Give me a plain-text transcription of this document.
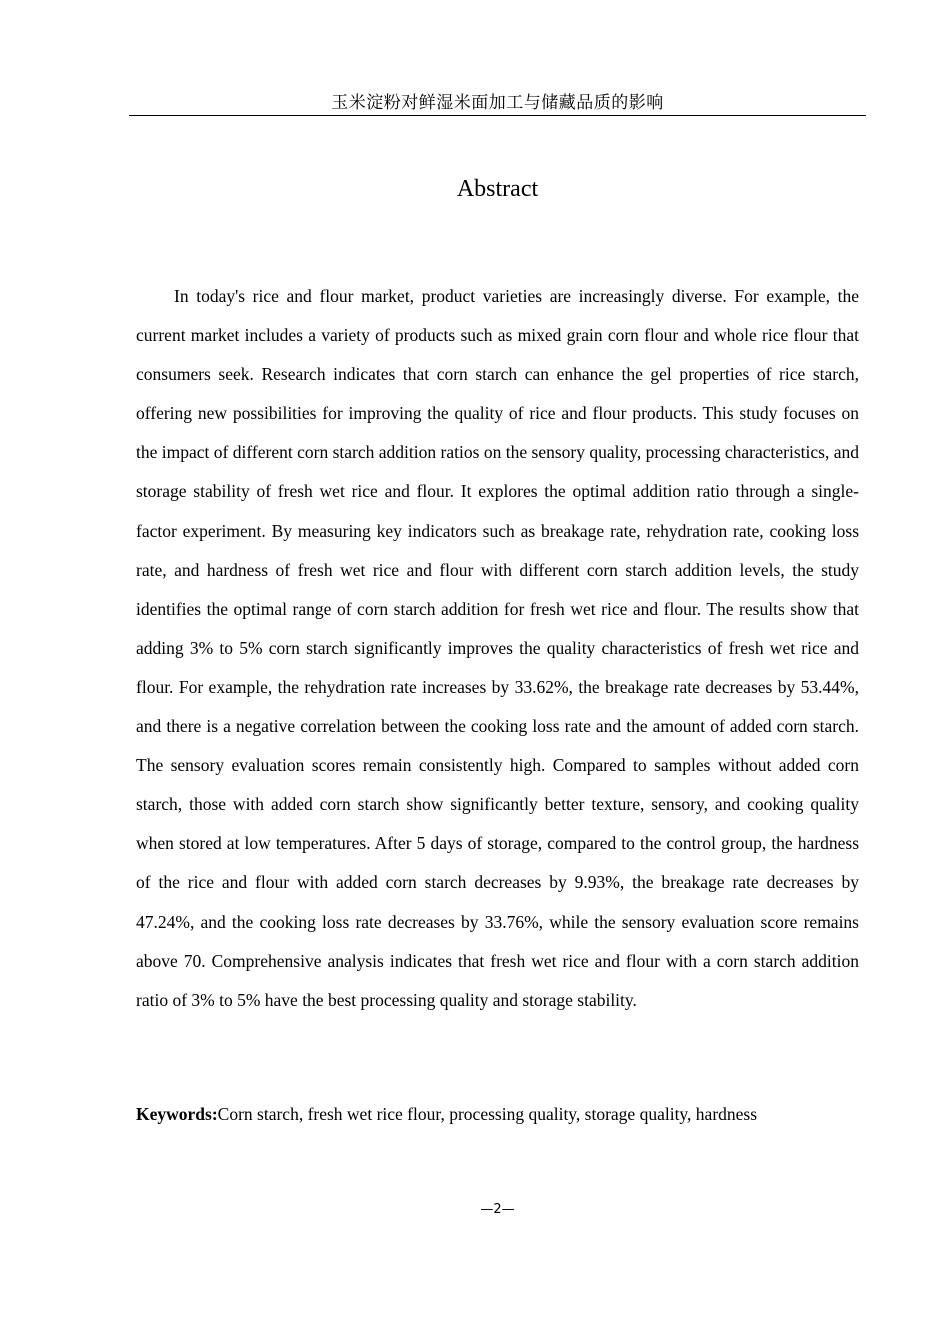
玉米淀粉对鲜湿米面加工与储藏品质的影响
Abstract

In today's rice and flour market, product varieties are increasingly diverse. For example, the current market includes a variety of products such as mixed grain corn flour and whole rice flour that consumers seek. Research indicates that corn starch can enhance the gel properties of rice starch, offering new possibilities for improving the quality of rice and flour products. This study focuses on the impact of different corn starch addition ratios on the sensory quality, processing characteristics, and storage stability of fresh wet rice and flour. It explores the optimal addition ratio through a single-factor experiment. By measuring key indicators such as breakage rate, rehydration rate, cooking loss rate, and hardness of fresh wet rice and flour with different corn starch addition levels, the study identifies the optimal range of corn starch addition for fresh wet rice and flour. The results show that adding 3% to 5% corn starch significantly improves the quality characteristics of fresh wet rice and flour. For example, the rehydration rate increases by 33.62%, the breakage rate decreases by 53.44%, and there is a negative correlation between the cooking loss rate and the amount of added corn starch. The sensory evaluation scores remain consistently high. Compared to samples without added corn starch, those with added corn starch show significantly better texture, sensory, and cooking quality when stored at low temperatures. After 5 days of storage, compared to the control group, the hardness of the rice and flour with added corn starch decreases by 9.93%, the breakage rate decreases by 47.24%, and the cooking loss rate decreases by 33.76%, while the sensory evaluation score remains above 70. Comprehensive analysis indicates that fresh wet rice and flour with a corn starch addition ratio of 3% to 5% have the best processing quality and storage stability.

Keywords:Corn starch, fresh wet rice flour, processing quality, storage quality, hardness

—2—
